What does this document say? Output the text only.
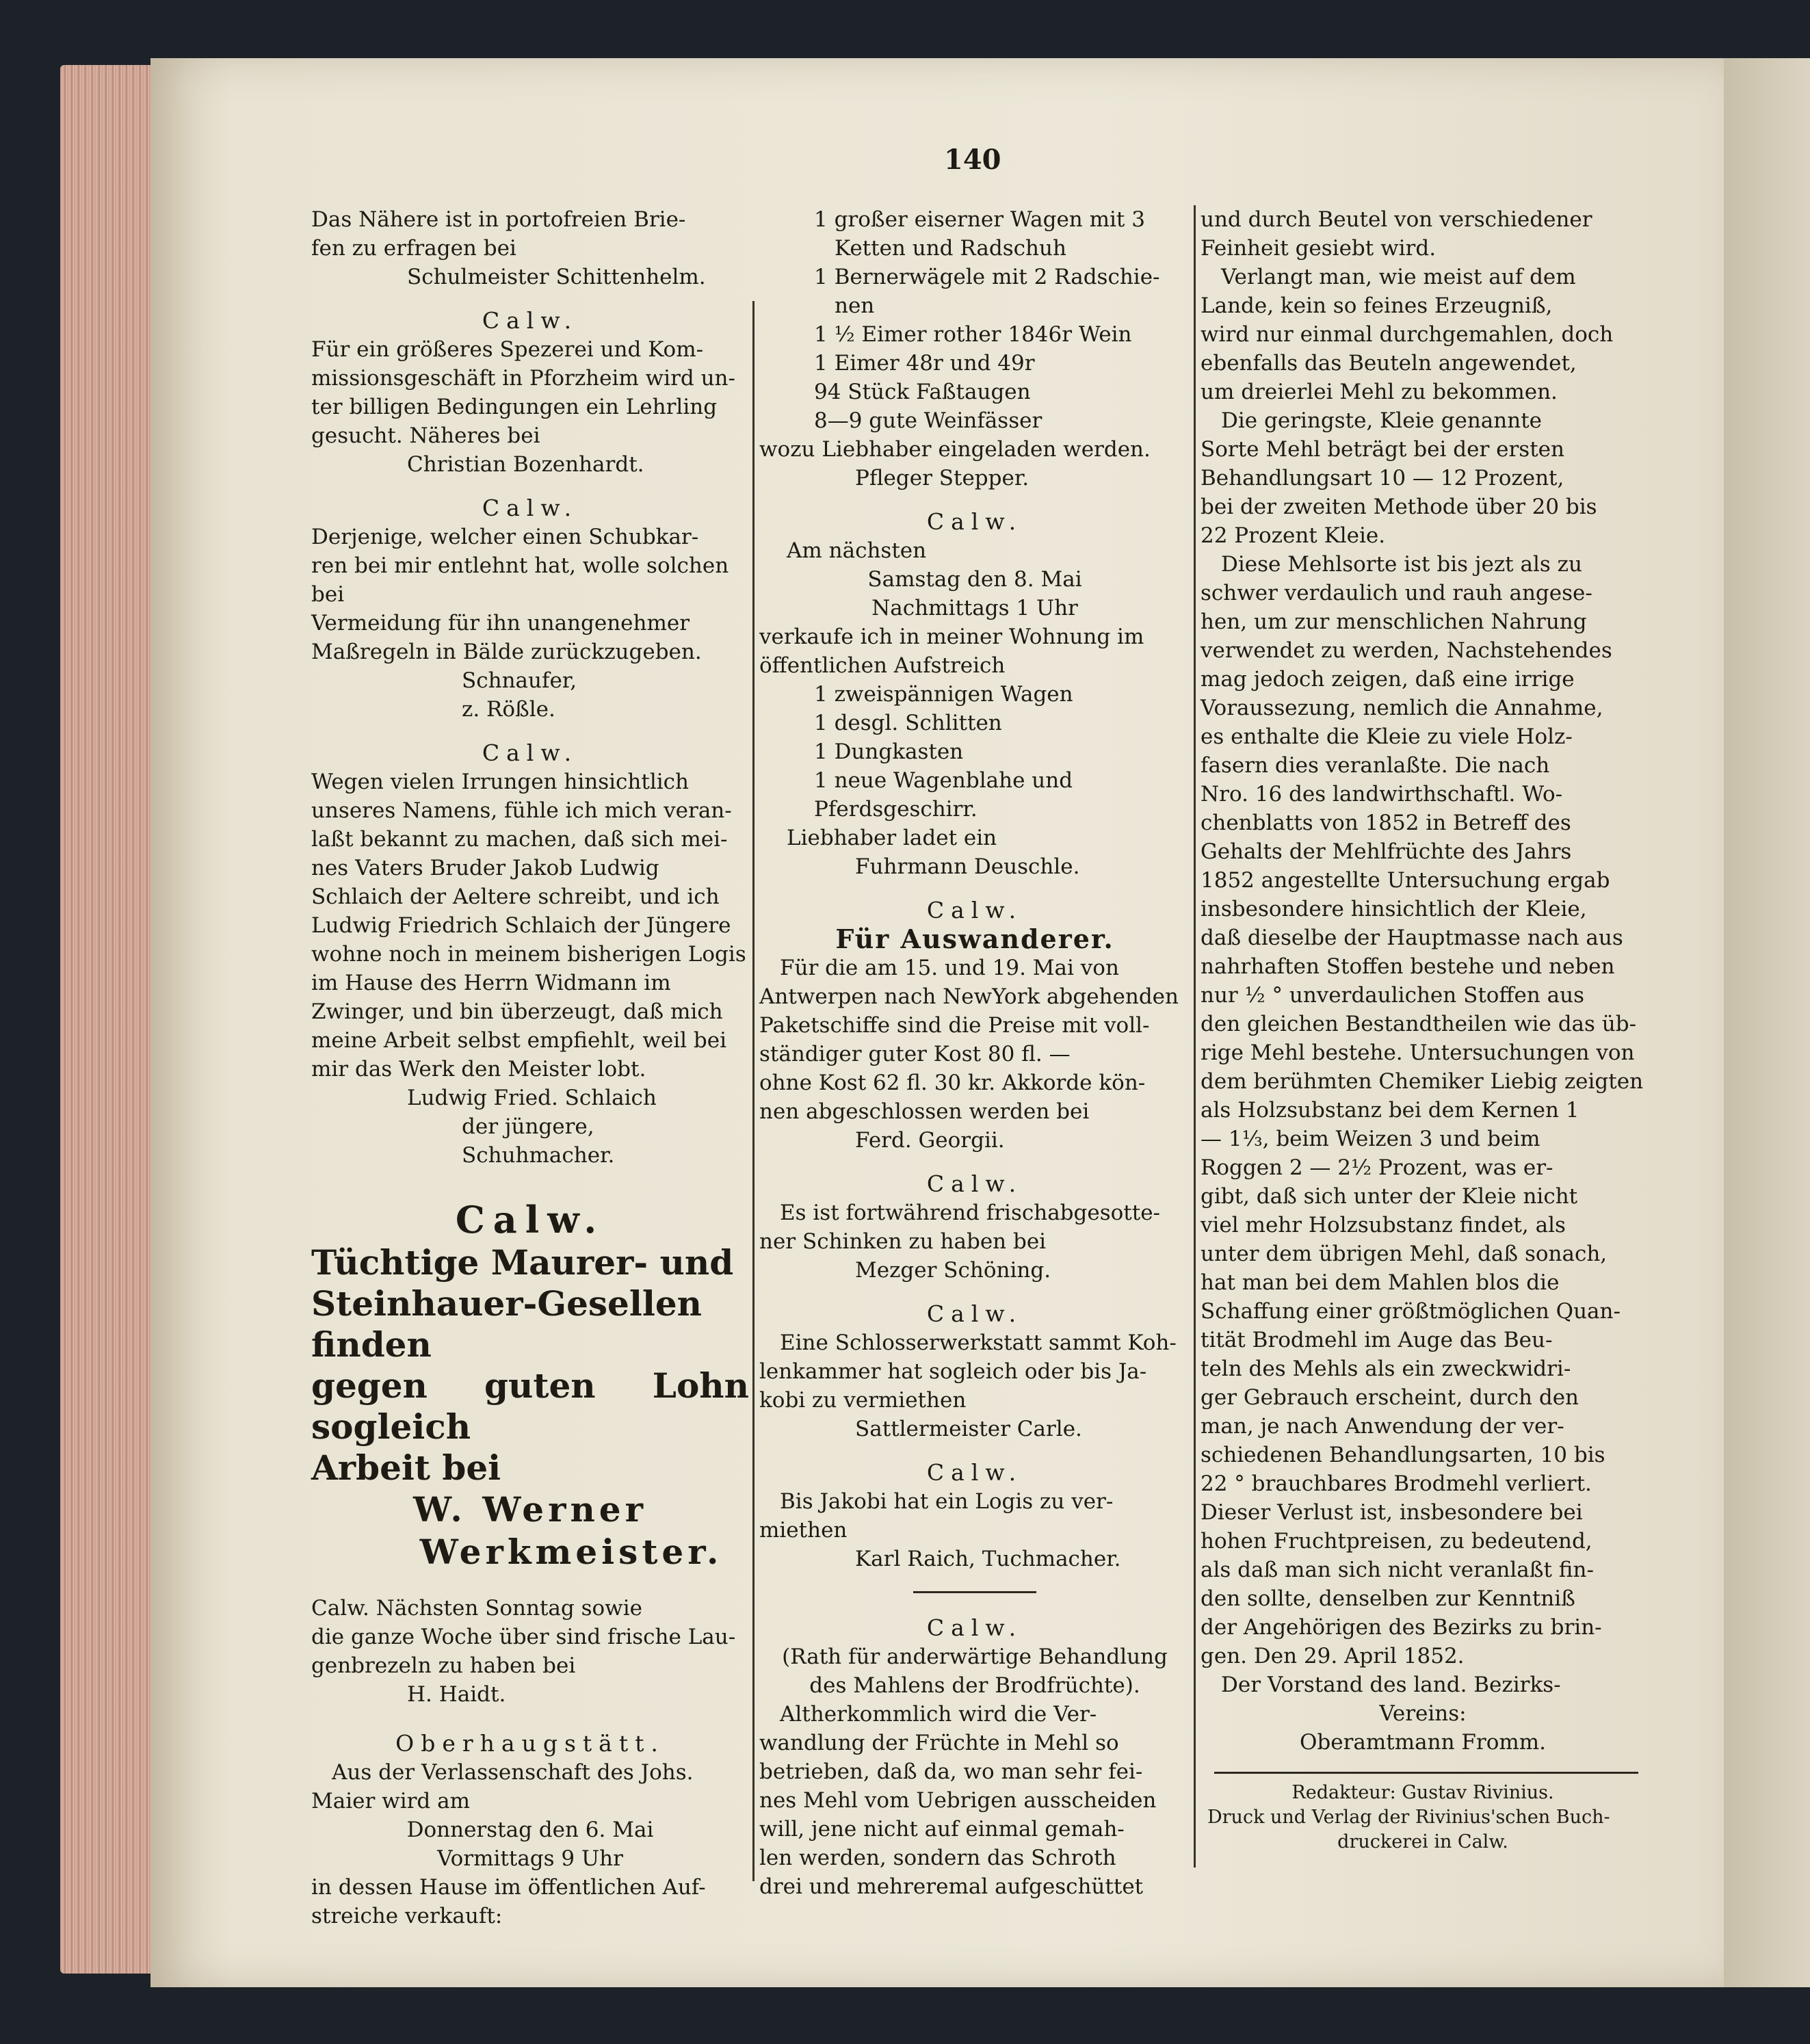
140

Das Nähere ist in portofreien Brie-

fen zu erfragen bei

Schulmeister Schittenhelm.

Calw.

Für ein größeres Spezerei und Kom-

missionsgeschäft in Pforzheim wird un-

ter billigen Bedingungen ein Lehrling

gesucht. Näheres bei

Christian Bozenhardt.

Calw.

Derjenige, welcher einen Schubkar-

ren bei mir entlehnt hat, wolle solchen bei

Vermeidung für ihn unangenehmer

Maßregeln in Bälde zurückzugeben.

Schnaufer,

z. Rößle.

Calw.

Wegen vielen Irrungen hinsichtlich

unseres Namens, fühle ich mich veran-

laßt bekannt zu machen, daß sich mei-

nes Vaters Bruder Jakob Ludwig

Schlaich der Aeltere schreibt, und ich

Ludwig Friedrich Schlaich der Jüngere

wohne noch in meinem bisherigen Logis

im Hause des Herrn Widmann im

Zwinger, und bin überzeugt, daß mich

meine Arbeit selbst empfiehlt, weil bei

mir das Werk den Meister lobt.

Ludwig Fried. Schlaich

der jüngere,

Schuhmacher.

Calw.

Tüchtige Maurer- und

Steinhauer-Gesellen finden

gegen guten Lohn sogleich

Arbeit bei

W. Werner

Werkmeister.

Calw. Nächsten Sonntag sowie

die ganze Woche über sind frische Lau-

genbrezeln zu haben bei

H. Haidt.

Oberhaugstätt.

Aus der Verlassenschaft des Johs.

Maier wird am

Donnerstag den 6. Mai

Vormittags 9 Uhr

in dessen Hause im öffentlichen Auf-

streiche verkauft:

1 großer eiserner Wagen mit 3

Ketten und Radschuh

1 Bernerwägele mit 2 Radschie-

nen

1 ½ Eimer rother 1846r Wein

1 Eimer 48r und 49r

94 Stück Faßtaugen

8—9 gute Weinfässer

wozu Liebhaber eingeladen werden.

Pfleger Stepper.

Calw.

Am nächsten

Samstag den 8. Mai

Nachmittags 1 Uhr

verkaufe ich in meiner Wohnung im

öffentlichen Aufstreich

1 zweispännigen Wagen

1 desgl. Schlitten

1 Dungkasten

1 neue Wagenblahe und

Pferdsgeschirr.

Liebhaber ladet ein

Fuhrmann Deuschle.

Calw.

Für Auswanderer.

Für die am 15. und 19. Mai von

Antwerpen nach NewYork abgehenden

Paketschiffe sind die Preise mit voll-

ständiger guter Kost 80 fl. —

ohne Kost 62 fl. 30 kr. Akkorde kön-

nen abgeschlossen werden bei

Ferd. Georgii.

Calw.

Es ist fortwährend frischabgesotte-

ner Schinken zu haben bei

Mezger Schöning.

Calw.

Eine Schlosserwerkstatt sammt Koh-

lenkammer hat sogleich oder bis Ja-

kobi zu vermiethen

Sattlermeister Carle.

Calw.

Bis Jakobi hat ein Logis zu ver-

miethen

Karl Raich, Tuchmacher.

Calw.

(Rath für anderwärtige Behandlung

des Mahlens der Brodfrüchte).

Altherkommlich wird die Ver-

wandlung der Früchte in Mehl so

betrieben, daß da, wo man sehr fei-

nes Mehl vom Uebrigen ausscheiden

will, jene nicht auf einmal gemah-

len werden, sondern das Schroth

drei und mehreremal aufgeschüttet

und durch Beutel von verschiedener

Feinheit gesiebt wird.

Verlangt man, wie meist auf dem

Lande, kein so feines Erzeugniß,

wird nur einmal durchgemahlen, doch

ebenfalls das Beuteln angewendet,

um dreierlei Mehl zu bekommen.

Die geringste, Kleie genannte

Sorte Mehl beträgt bei der ersten

Behandlungsart 10 — 12 Prozent,

bei der zweiten Methode über 20 bis

22 Prozent Kleie.

Diese Mehlsorte ist bis jezt als zu

schwer verdaulich und rauh angese-

hen, um zur menschlichen Nahrung

verwendet zu werden, Nachstehendes

mag jedoch zeigen, daß eine irrige

Voraussezung, nemlich die Annahme,

es enthalte die Kleie zu viele Holz-

fasern dies veranlaßte. Die nach

Nro. 16 des landwirthschaftl. Wo-

chenblatts von 1852 in Betreff des

Gehalts der Mehlfrüchte des Jahrs

1852 angestellte Untersuchung ergab

insbesondere hinsichtlich der Kleie,

daß dieselbe der Hauptmasse nach aus

nahrhaften Stoffen bestehe und neben

nur ½ ° unverdaulichen Stoffen aus

den gleichen Bestandtheilen wie das üb-

rige Mehl bestehe. Untersuchungen von

dem berühmten Chemiker Liebig zeigten

als Holzsubstanz bei dem Kernen 1

— 1⅓, beim Weizen 3 und beim

Roggen 2 — 2½ Prozent, was er-

gibt, daß sich unter der Kleie nicht

viel mehr Holzsubstanz findet, als

unter dem übrigen Mehl, daß sonach,

hat man bei dem Mahlen blos die

Schaffung einer größtmöglichen Quan-

tität Brodmehl im Auge das Beu-

teln des Mehls als ein zweckwidri-

ger Gebrauch erscheint, durch den

man, je nach Anwendung der ver-

schiedenen Behandlungsarten, 10 bis

22 ° brauchbares Brodmehl verliert.

Dieser Verlust ist, insbesondere bei

hohen Fruchtpreisen, zu bedeutend,

als daß man sich nicht veranlaßt fin-

den sollte, denselben zur Kenntniß

der Angehörigen des Bezirks zu brin-

gen. Den 29. April 1852.

Der Vorstand des land. Bezirks-

Vereins:

Oberamtmann Fromm.

Redakteur: Gustav Rivinius.

Druck und Verlag der Rivinius'schen Buch-

druckerei in Calw.
